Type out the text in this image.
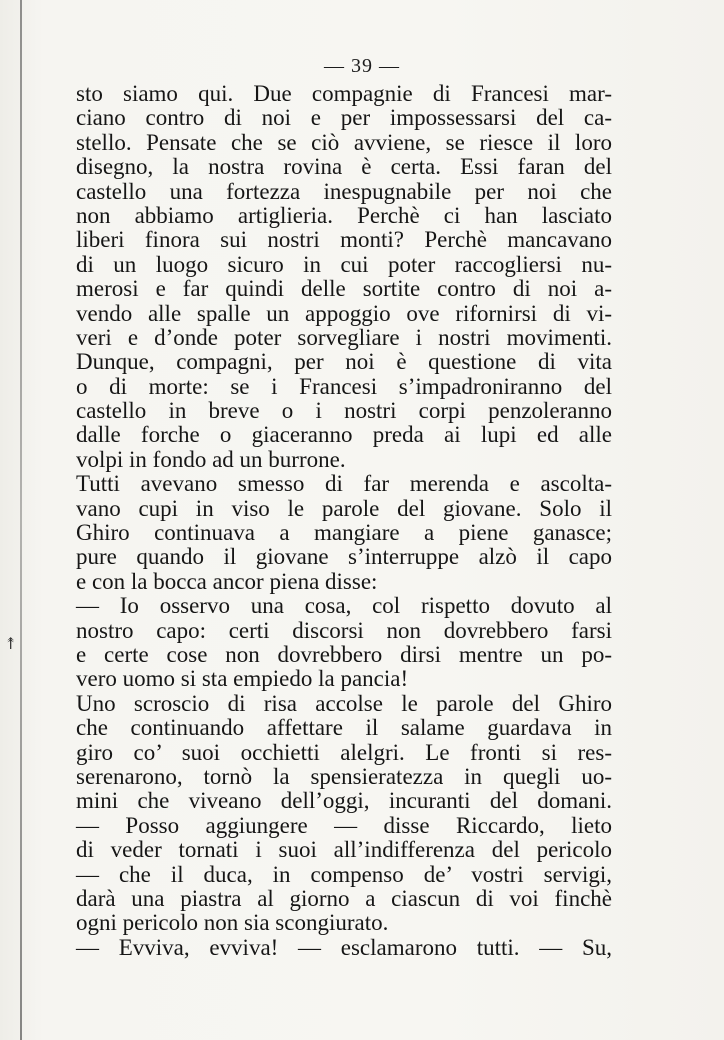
↟
— 39 —
sto siamo qui. Due compagnie di Francesi mar-
ciano contro di noi e per impossessarsi del ca-
stello. Pensate che se ciò avviene, se riesce il loro
disegno, la nostra rovina è certa. Essi faran del
castello una fortezza inespugnabile per noi che
non abbiamo artiglieria. Perchè ci han lasciato
liberi finora sui nostri monti? Perchè mancavano
di un luogo sicuro in cui poter raccogliersi nu-
merosi e far quindi delle sortite contro di noi a-
vendo alle spalle un appoggio ove rifornirsi di vi-
veri e d’onde poter sorvegliare i nostri movimenti.
Dunque, compagni, per noi è questione di vita
o di morte: se i Francesi s’impadroniranno del
castello in breve o i nostri corpi penzoleranno
dalle forche o giaceranno preda ai lupi ed alle
volpi in fondo ad un burrone.
Tutti avevano smesso di far merenda e ascolta-
vano cupi in viso le parole del giovane. Solo il
Ghiro continuava a mangiare a piene ganasce;
pure quando il giovane s’interruppe alzò il capo
e con la bocca ancor piena disse:
— Io osservo una cosa, col rispetto dovuto al
nostro capo: certi discorsi non dovrebbero farsi
e certe cose non dovrebbero dirsi mentre un po-
vero uomo si sta empiedo la pancia!
Uno scroscio di risa accolse le parole del Ghiro
che continuando affettare il salame guardava in
giro co’ suoi occhietti alelgri. Le fronti si res-
serenarono, tornò la spensieratezza in quegli uo-
mini che viveano dell’oggi, incuranti del domani.
— Posso aggiungere — disse Riccardo, lieto
di veder tornati i suoi all’indifferenza del pericolo
— che il duca, in compenso de’ vostri servigi,
darà una piastra al giorno a ciascun di voi finchè
ogni pericolo non sia scongiurato.
— Evviva, evviva! — esclamarono tutti. — Su,
